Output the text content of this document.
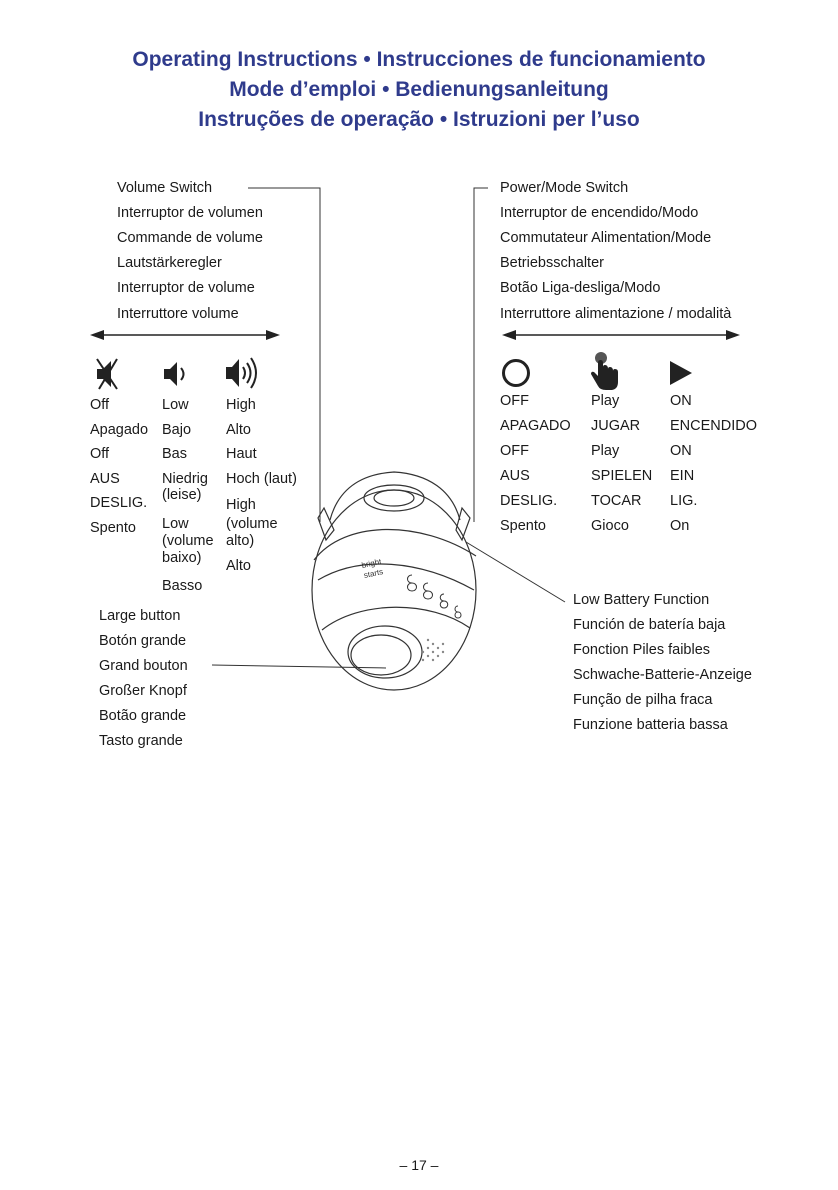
Operating Instructions • Instrucciones de funcionamiento
Mode d’emploi • Bedienungsanleitung
Instruções de operação • Istruzioni per l’uso
bright
starts
Volume Switch
Interruptor de volumen
Commande de volume
Lautstärkeregler
Interruptor de volume
Interruttore volume
Off
Apagado
Off
AUS
DESLIG.
Spento
Low
Bajo
Bas
Niedrig
(leise)
Low
(volume
baixo)
Basso
High
Alto
Haut
Hoch (laut)
High
(volume
alto)
Alto
Power/Mode Switch
Interruptor de encendido/Modo
Commutateur Alimentation/Mode
Betriebsschalter
Botão Liga-desliga/Modo
Interruttore alimentazione / modalità
OFF
APAGADO
OFF
AUS
DESLIG.
Spento
Play
JUGAR
Play
SPIELEN
TOCAR
Gioco
ON
ENCENDIDO
ON
EIN
LIG.
On
Large button
Botón grande
Grand bouton
Großer Knopf
Botão grande
Tasto grande
Low Battery Function
Función de batería baja
Fonction Piles faibles
Schwache-Batterie-Anzeige
Função de pilha fraca
Funzione batteria bassa
– 17 –
